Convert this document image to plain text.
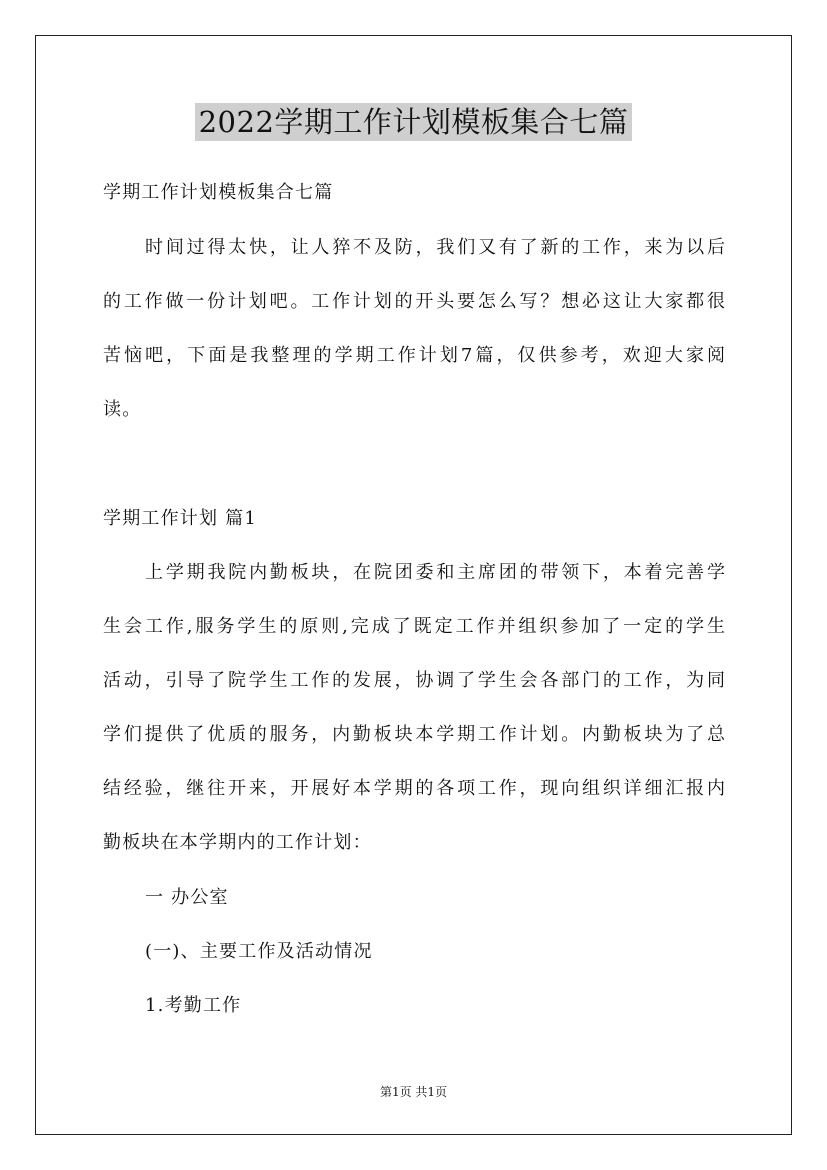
2022学期工作计划模板集合七篇
学期工作计划模板集合七篇
时间过得太快，让人猝不及防，我们又有了新的工作，来为以后
的工作做一份计划吧。工作计划的开头要怎么写？想必这让大家都很
苦恼吧，下面是我整理的学期工作计划7篇，仅供参考，欢迎大家阅
读。
学期工作计划 篇1
上学期我院内勤板块，在院团委和主席团的带领下，本着完善学
生会工作,服务学生的原则,完成了既定工作并组织参加了一定的学生
活动，引导了院学生工作的发展，协调了学生会各部门的工作，为同
学们提供了优质的服务，内勤板块本学期工作计划。内勤板块为了总
结经验，继往开来，开展好本学期的各项工作，现向组织详细汇报内
勤板块在本学期内的工作计划：
一 办公室
(一)、主要工作及活动情况
1.考勤工作
第1页 共1页
